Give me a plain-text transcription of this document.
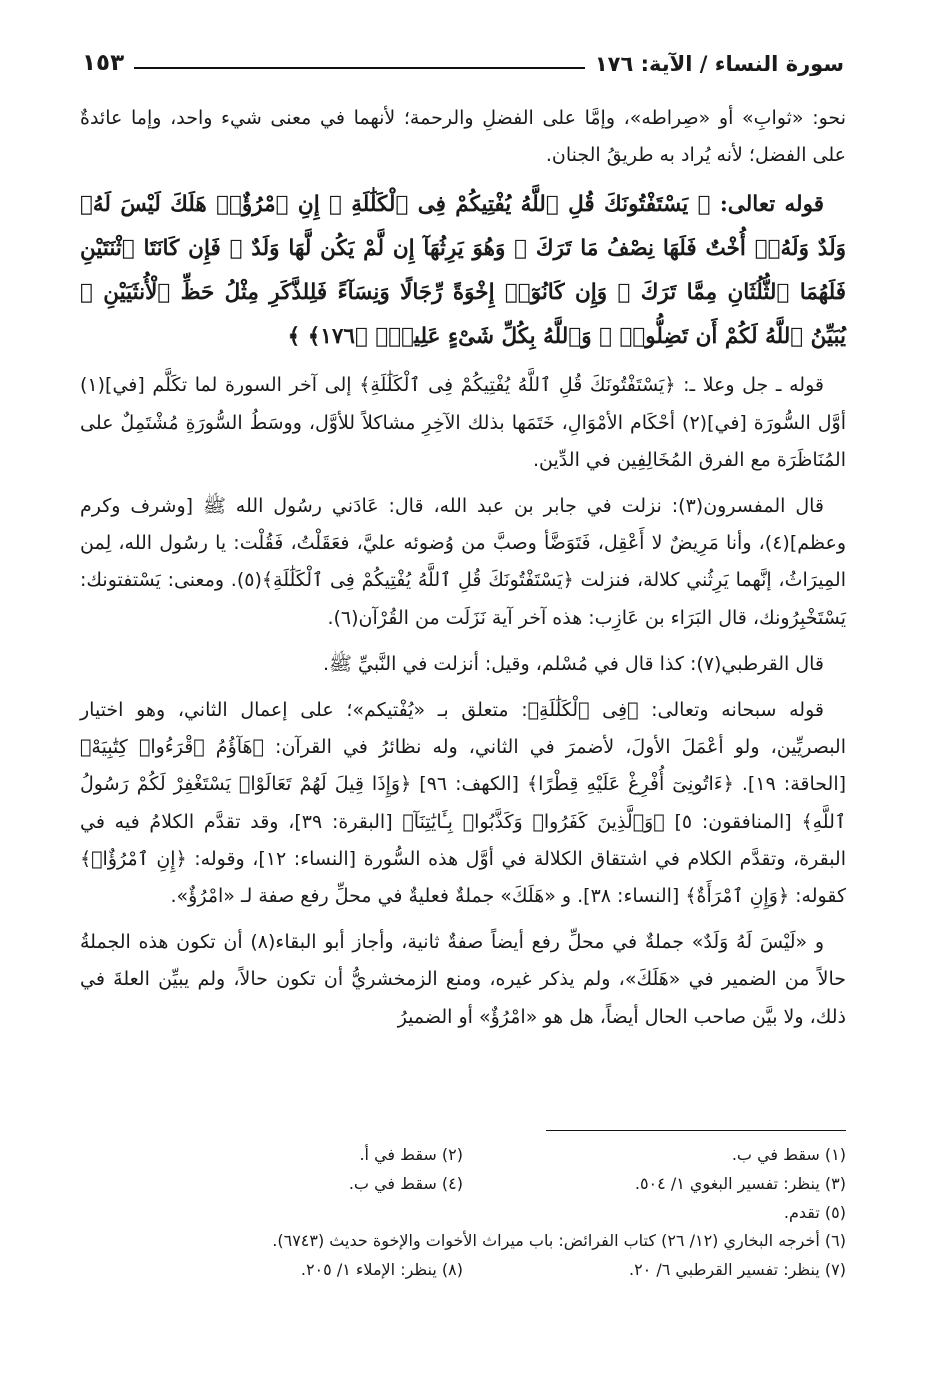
سورة النساء / الآية: ١٧٦
١٥٣

نحو: «ثوابِ» أو «صِراطه»، وإمَّا على الفضلِ والرحمة؛ لأنهما في معنى شيء واحد، وإما عائدةٌ على الفضل؛ لأنه يُراد به طريقُ الجنان.

قوله تعالى: ﴿ يَسْتَفْتُونَكَ قُلِ ٱللَّهُ يُفْتِيكُمْ فِى ٱلْكَلَٰلَةِ ۚ إِنِ ٱمْرُؤٌا۟ هَلَكَ لَيْسَ لَهُۥ وَلَدٌ وَلَهُۥٓ أُخْتٌ فَلَهَا نِصْفُ مَا تَرَكَ ۚ وَهُوَ يَرِثُهَآ إِن لَّمْ يَكُن لَّهَا وَلَدٌ ۚ فَإِن كَانَتَا ٱثْنَتَيْنِ فَلَهُمَا ٱلثُّلُثَانِ مِمَّا تَرَكَ ۚ وَإِن كَانُوٓا۟ إِخْوَةً رِّجَالًا وَنِسَآءً فَلِلذَّكَرِ مِثْلُ حَظِّ ٱلْأُنثَيَيْنِ ۗ يُبَيِّنُ ٱللَّهُ لَكُمْ أَن تَضِلُّوا۟ ۗ وَٱللَّهُ بِكُلِّ شَىْءٍ عَلِيمٌۢ ﴿١٧٦﴾ ﴾

قوله ـ جل وعلا ـ: ﴿يَسْتَفْتُونَكَ قُلِ ٱللَّهُ يُفْتِيكُمْ فِى ٱلْكَلَٰلَةِ﴾ إلى آخر السورة لما تكَلَّم [في](١) أوَّل السُّورَة [في](٢) أحْكَام الأمْوَالِ، خَتَمَها بذلك الآخِرِ مشاكلاً للأوَّل، ووسَطُ السُّورَةِ مُشْتَمِلٌ على المُنَاظَرَة مع الفرق المُخَالِفِين في الدِّين.

قال المفسرون(٣): نزلت في جابر بن عبد الله، قال: عَادَني رسُول الله ﷺ [وشرف وكرم وعظم](٤)، وأنا مَرِيضٌ لا أَعْقِل، فَتَوَضَّأ وصبَّ من وُضوئه عليَّ، فعَقَلْتُ، فَقُلْت: يا رسُول الله، لِمن المِيرَاثُ، إنَّهما يَرِثُني كلالة، فنزلت ﴿يَسْتَفْتُونَكَ قُلِ ٱللَّهُ يُفْتِيكُمْ فِى ٱلْكَلَٰلَةِ﴾(٥). ومعنى: يَسْتفتونك: يَسْتَخْبِرُونك، قال البَرَاء بن عَازِب: هذه آخر آية نَزَلَت من القُرْآن(٦).

قال القرطبي(٧): كذا قال في مُسْلم، وقيل: أنزلت في النَّبيِّ ﷺ.

قوله سبحانه وتعالى: ﴿فِى ٱلْكَلَٰلَةِ﴾: متعلق بـ «يُفْتيكم»؛ على إعمال الثاني، وهو اختيار البصريِّين، ولو أعْمَلَ الأولَ، لأضمرَ في الثاني، وله نظائرُ في القرآن: ﴿هَآؤُمُ ٱقْرَءُوا۟ كِتَٰبِيَهْ﴾ [الحاقة: ١٩]. ﴿ءَاتُونِىٓ أُفْرِغْ عَلَيْهِ قِطْرًا﴾ [الكهف: ٩٦] ﴿وَإِذَا قِيلَ لَهُمْ تَعَالَوْا۟ يَسْتَغْفِرْ لَكُمْ رَسُولُ ٱللَّهِ﴾ [المنافقون: ٥] ﴿وَٱلَّذِينَ كَفَرُوا۟ وَكَذَّبُوا۟ بِـَٔايَٰتِنَآ﴾ [البقرة: ٣٩]، وقد تقدَّم الكلامُ فيه في البقرة، وتقدَّم الكلام في اشتقاق الكلالة في أوَّل هذه السُّورة [النساء: ١٢]، وقوله: ﴿إِنِ ٱمْرُؤٌا۟﴾ كقوله: ﴿وَإِنِ ٱمْرَأَةٌ﴾ [النساء: ٣٨]. و «هَلَكَ» جملةٌ فعليةٌ في محلِّ رفع صفة لـ «امْرُؤٌ».

و «لَيْسَ لَهُ وَلَدٌ» جملةٌ في محلِّ رفع أيضاً صفةٌ ثانية، وأجاز أبو البقاء(٨) أن تكون هذه الجملةُ حالاً من الضمير في «هَلَكَ»، ولم يذكر غيره، ومنع الزمخشريُّ أن تكون حالاً، ولم يبيِّن العلةَ في ذلك، ولا بيَّن صاحب الحال أيضاً، هل هو «امْرُؤٌ» أو الضميرُ

(١) سقط في ب.
(٢) سقط في أ.
(٣) ينظر: تفسير البغوي ١/ ٥٠٤.
(٤) سقط في ب.
(٥) تقدم.
(٦) أخرجه البخاري (١٢/ ٢٦) كتاب الفرائض: باب ميراث الأخوات والإخوة حديث (٦٧٤٣).
(٧) ينظر: تفسير القرطبي ٦/ ٢٠.
(٨) ينظر: الإملاء ١/ ٢٠٥.
